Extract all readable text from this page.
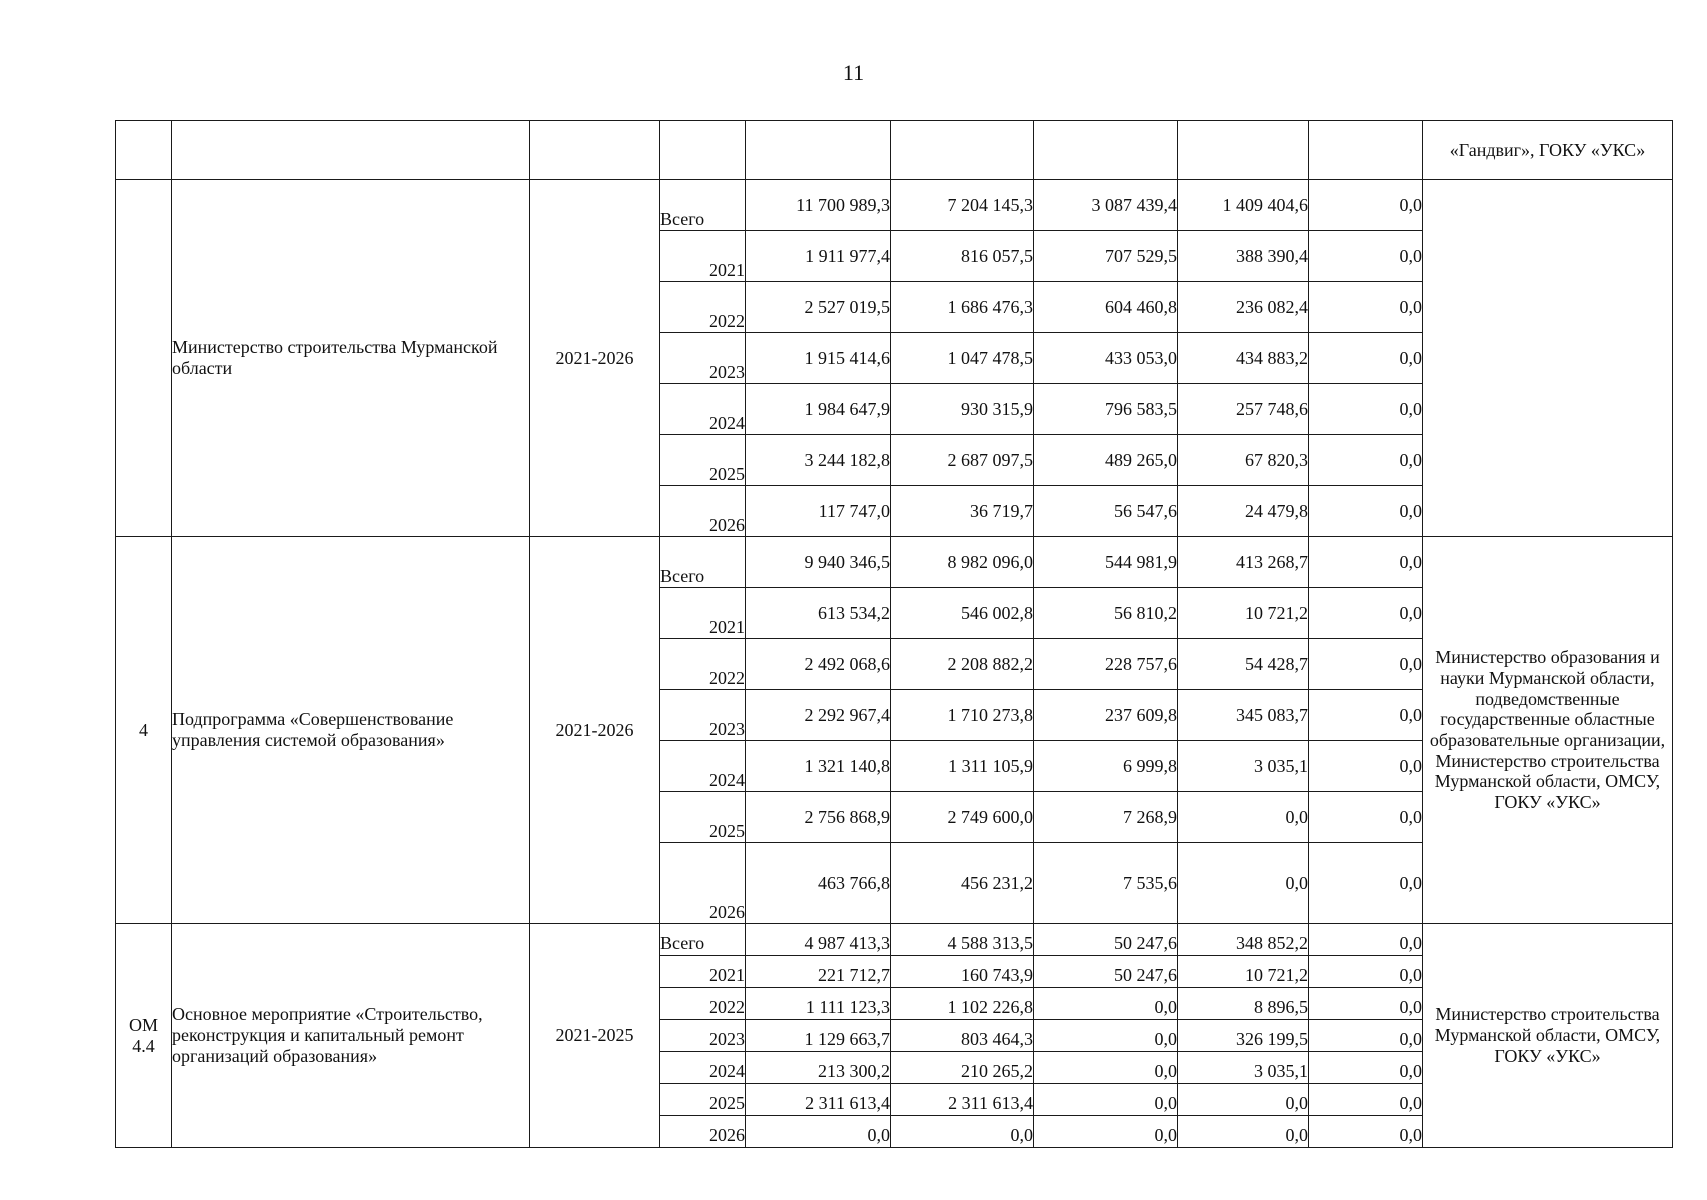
11
									«Гандвиг», ГОКУ «УКС»
	Министерство строительства Мурманской области	2021-2026	Всего	11 700 989,3	7 204 145,3	3 087 439,4	1 409 404,6	0,0	
			2021	1 911 977,4	816 057,5	707 529,5	388 390,4	0,0	
			2022	2 527 019,5	1 686 476,3	604 460,8	236 082,4	0,0	
			2023	1 915 414,6	1 047 478,5	433 053,0	434 883,2	0,0	
			2024	1 984 647,9	930 315,9	796 583,5	257 748,6	0,0	
			2025	3 244 182,8	2 687 097,5	489 265,0	67 820,3	0,0	
			2026	117 747,0	36 719,7	56 547,6	24 479,8	0,0	
4	Подпрограмма «Совершенствование управления системой образования»	2021-2026	Всего	9 940 346,5	8 982 096,0	544 981,9	413 268,7	0,0	Министерство образования и науки Мурманской области, подведомственные государственные областные образовательные организации, Министерство строительства Мурманской области, ОМСУ, ГОКУ «УКС»
			2021	613 534,2	546 002,8	56 810,2	10 721,2	0,0	
			2022	2 492 068,6	2 208 882,2	228 757,6	54 428,7	0,0	
			2023	2 292 967,4	1 710 273,8	237 609,8	345 083,7	0,0	
			2024	1 321 140,8	1 311 105,9	6 999,8	3 035,1	0,0	
			2025	2 756 868,9	2 749 600,0	7 268,9	0,0	0,0	
			2026	463 766,8	456 231,2	7 535,6	0,0	0,0	
ОМ 4.4	Основное мероприятие «Строительство, реконструкция и капитальный ремонт организаций образования»	2021-2025	Всего	4 987 413,3	4 588 313,5	50 247,6	348 852,2	0,0	Министерство строительства Мурманской области, ОМСУ, ГОКУ «УКС»
			2021	221 712,7	160 743,9	50 247,6	10 721,2	0,0	
			2022	1 111 123,3	1 102 226,8	0,0	8 896,5	0,0	
			2023	1 129 663,7	803 464,3	0,0	326 199,5	0,0	
			2024	213 300,2	210 265,2	0,0	3 035,1	0,0	
			2025	2 311 613,4	2 311 613,4	0,0	0,0	0,0	
			2026	0,0	0,0	0,0	0,0	0,0	
